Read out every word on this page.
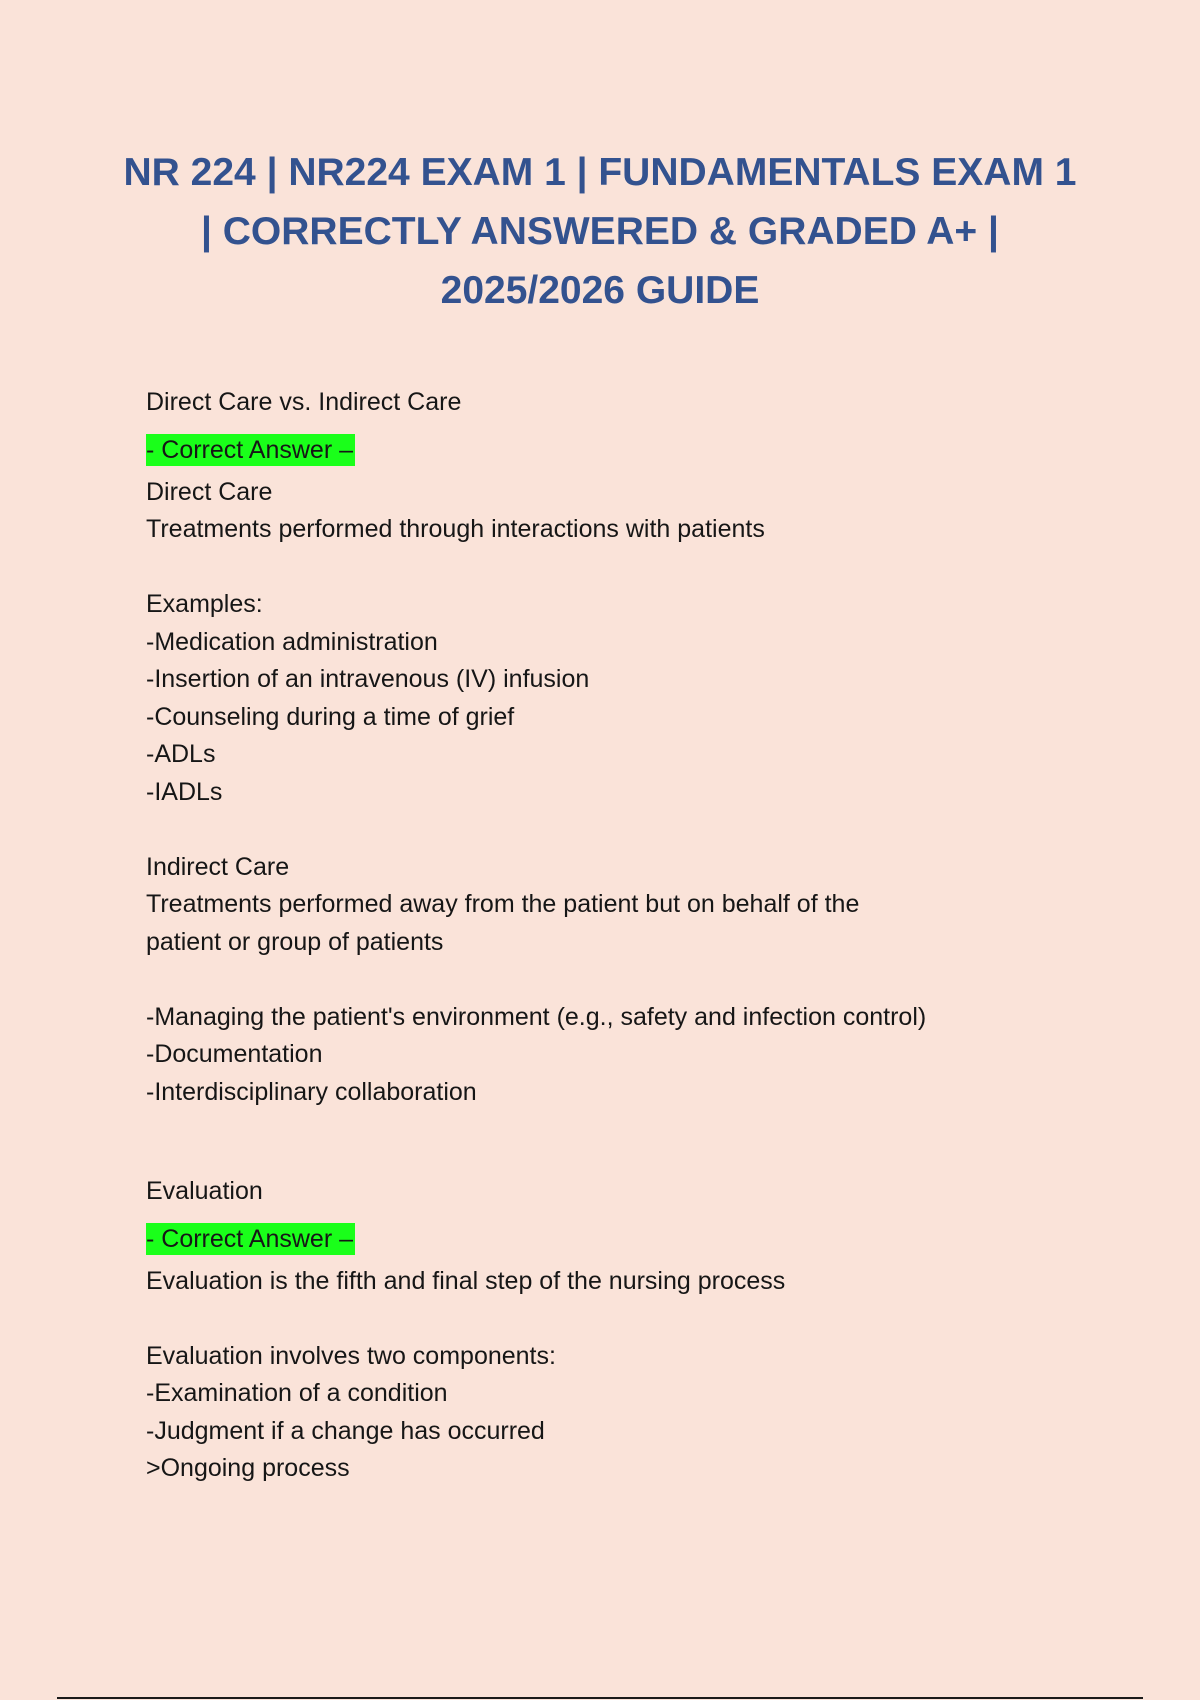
NR 224 | NR224 EXAM 1 | FUNDAMENTALS EXAM 1 | CORRECTLY ANSWERED & GRADED A+ | 2025/2026 GUIDE

Direct Care vs. Indirect Care

- Correct Answer –

Direct Care
Treatments performed through interactions with patients

Examples:
-Medication administration
-Insertion of an intravenous (IV) infusion
-Counseling during a time of grief
-ADLs
-IADLs

Indirect Care
Treatments performed away from the patient but on behalf of the
patient or group of patients

-Managing the patient's environment (e.g., safety and infection control)
-Documentation
-Interdisciplinary collaboration

Evaluation

- Correct Answer –

Evaluation is the fifth and final step of the nursing process

Evaluation involves two components:
-Examination of a condition
-Judgment if a change has occurred
>Ongoing process
